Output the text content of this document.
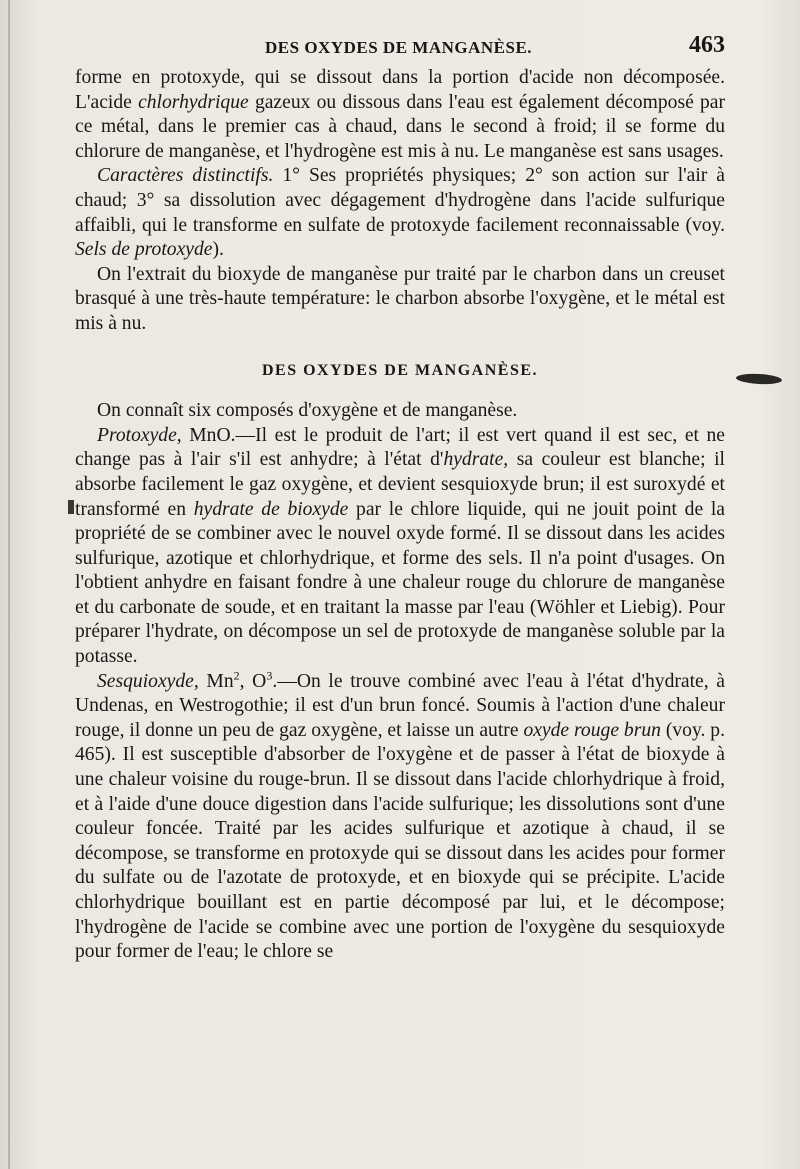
DES OXYDES DE MANGANÈSE.	463

forme en protoxyde, qui se dissout dans la portion d'acide non décomposée. L'acide chlorhydrique gazeux ou dissous dans l'eau est également décomposé par ce métal, dans le premier cas à chaud, dans le second à froid; il se forme du chlorure de manganèse, et l'hydrogène est mis à nu. Le manganèse est sans usages.

Caractères distinctifs. 1° Ses propriétés physiques; 2° son action sur l'air à chaud; 3° sa dissolution avec dégagement d'hydrogène dans l'acide sulfurique affaibli, qui le transforme en sulfate de protoxyde facilement reconnaissable (voy. Sels de protoxyde).

On l'extrait du bioxyde de manganèse pur traité par le charbon dans un creuset brasqué à une très-haute température: le charbon absorbe l'oxygène, et le métal est mis à nu.

DES OXYDES DE MANGANÈSE.

On connaît six composés d'oxygène et de manganèse.

Protoxyde, MnO.—Il est le produit de l'art; il est vert quand il est sec, et ne change pas à l'air s'il est anhydre; à l'état d'hydrate, sa couleur est blanche; il absorbe facilement le gaz oxygène, et devient sesquioxyde brun; il est suroxydé et transformé en hydrate de bioxyde par le chlore liquide, qui ne jouit point de la propriété de se combiner avec le nouvel oxyde formé. Il se dissout dans les acides sulfurique, azotique et chlorhydrique, et forme des sels. Il n'a point d'usages. On l'obtient anhydre en faisant fondre à une chaleur rouge du chlorure de manganèse et du carbonate de soude, et en traitant la masse par l'eau (Wöhler et Liebig). Pour préparer l'hydrate, on décompose un sel de protoxyde de manganèse soluble par la potasse.

Sesquioxyde, Mn$^2$, $O^3.—On$ le trouve combiné avec l'eau à l'état d'hydrate, à Undenas, en Westrogothie; il est d'un brun foncé. Soumis à l'action d'une chaleur rouge, il donne un peu de gaz oxygène, et laisse un autre oxyde rouge brun (voy. p. 465). Il est susceptible d'absorber de l'oxygène et de passer à l'état de bioxyde à une chaleur voisine du rouge-brun. Il se dissout dans l'acide chlorhydrique à froid, et à l'aide d'une douce digestion dans l'acide sulfurique; les dissolutions sont d'une couleur foncée. Traité par les acides sulfurique et azotique à chaud, il se décompose, se transforme en protoxyde qui se dissout dans les acides pour former du sulfate ou de l'azotate de protoxyde, et en bioxyde qui se précipite. L'acide chlorhydrique bouillant est en partie décomposé par lui, et le décompose; l'hydrogène de l'acide se combine avec une portion de l'oxygène du sesquioxyde pour former de l'eau; le chlore se
